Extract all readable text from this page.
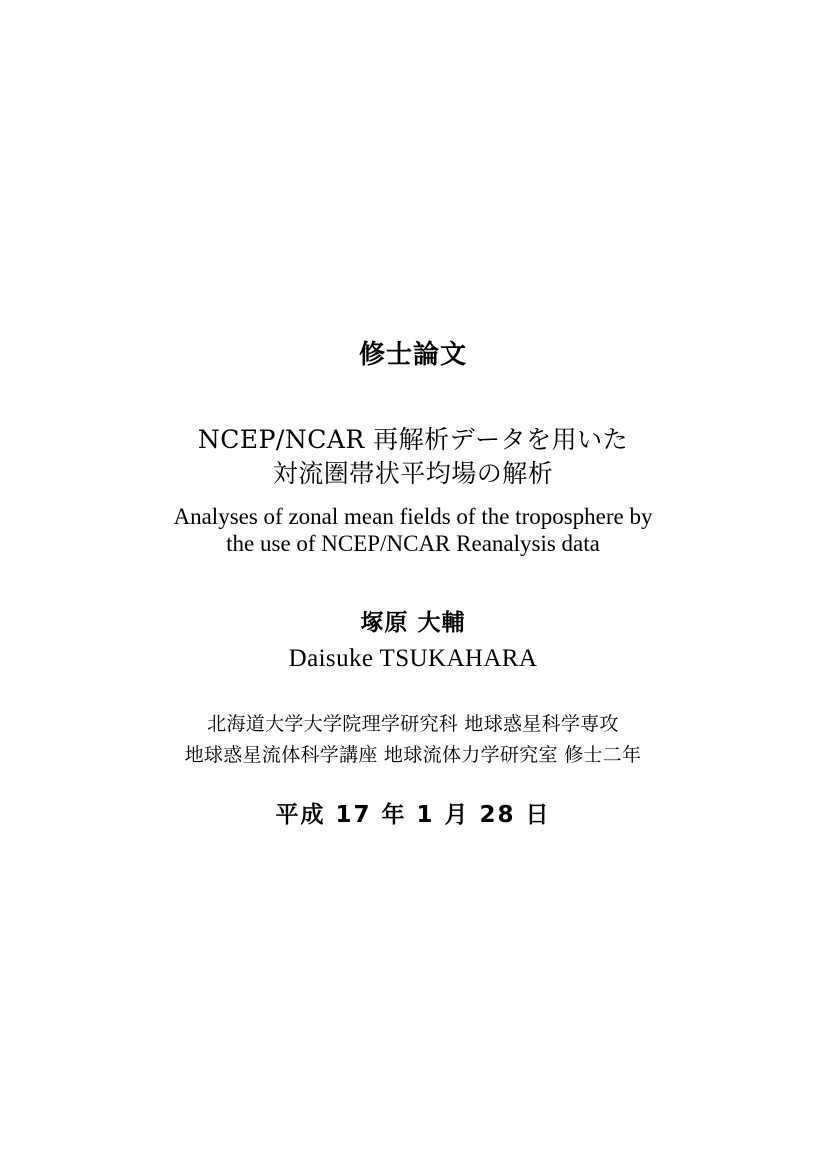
修士論文
NCEP/NCAR 再解析データを用いた
対流圏帯状平均場の解析
Analyses of zonal mean fields of the troposphere by
the use of NCEP/NCAR Reanalysis data
塚原 大輔
Daisuke TSUKAHARA
北海道大学大学院理学研究科 地球惑星科学専攻
地球惑星流体科学講座 地球流体力学研究室 修士二年
平成 17 年 1 月 28 日
